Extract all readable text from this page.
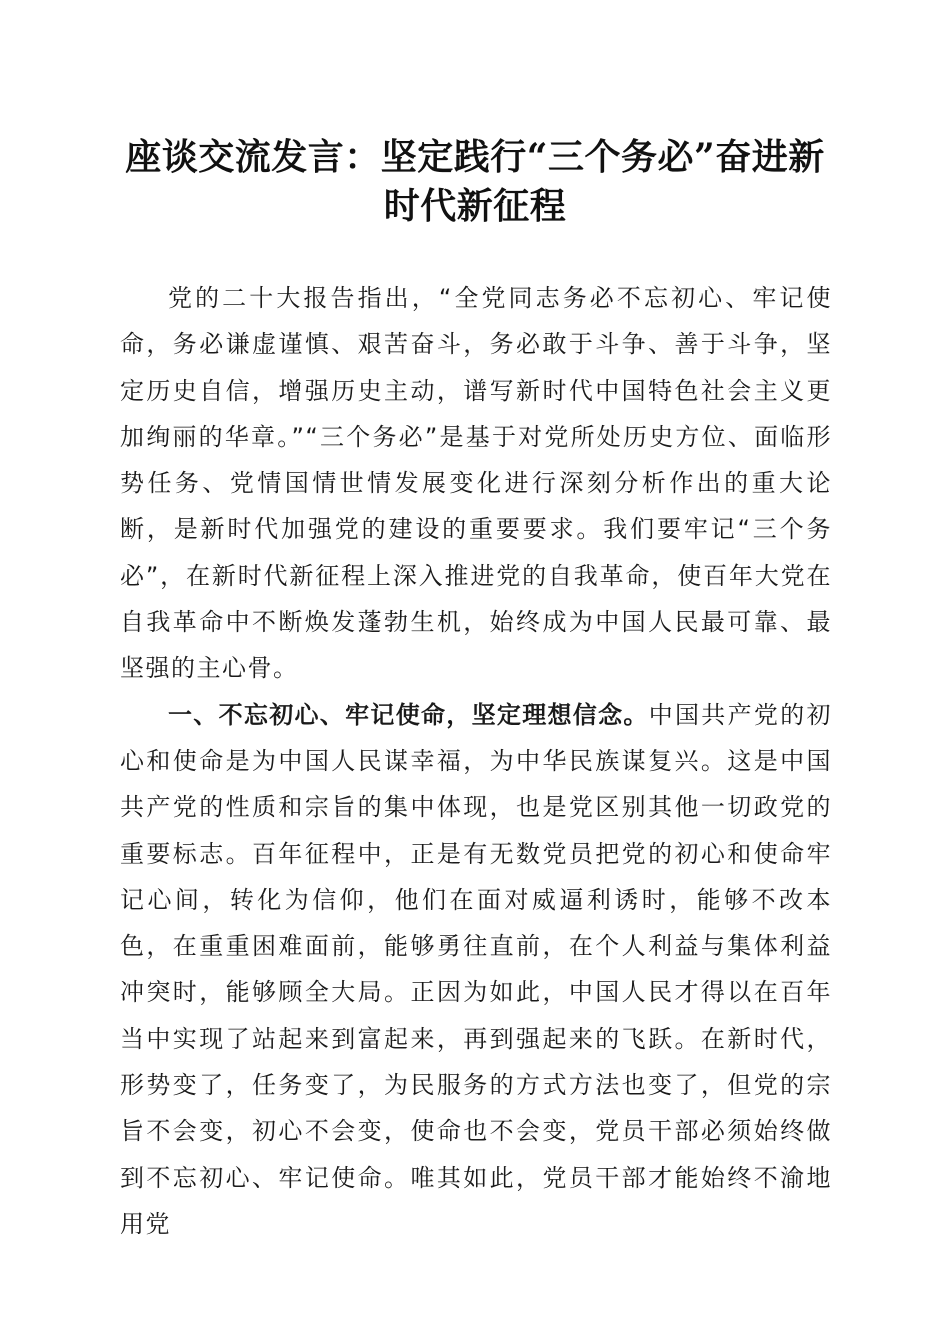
座谈交流发言：坚定践行“三个务必”奋进新
时代新征程

党的二十大报告指出，“全党同志务必不忘初心、牢记使命，务必谦虚谨慎、艰苦奋斗，务必敢于斗争、善于斗争，坚定历史自信，增强历史主动，谱写新时代中国特色社会主义更加绚丽的华章。”“三个务必”是基于对党所处历史方位、面临形势任务、党情国情世情发展变化进行深刻分析作出的重大论断，是新时代加强党的建设的重要要求。我们要牢记“三个务必”，在新时代新征程上深入推进党的自我革命，使百年大党在自我革命中不断焕发蓬勃生机，始终成为中国人民最可靠、最坚强的主心骨。

一、不忘初心、牢记使命，坚定理想信念。中国共产党的初心和使命是为中国人民谋幸福，为中华民族谋复兴。这是中国共产党的性质和宗旨的集中体现，也是党区别其他一切政党的重要标志。百年征程中，正是有无数党员把党的初心和使命牢记心间，转化为信仰，他们在面对威逼利诱时，能够不改本色，在重重困难面前，能够勇往直前，在个人利益与集体利益冲突时，能够顾全大局。正因为如此，中国人民才得以在百年当中实现了站起来到富起来，再到强起来的飞跃。在新时代，形势变了，任务变了，为民服务的方式方法也变了，但党的宗旨不会变，初心不会变，使命也不会变，党员干部必须始终做到不忘初心、牢记使命。唯其如此，党员干部才能始终不渝地用党
